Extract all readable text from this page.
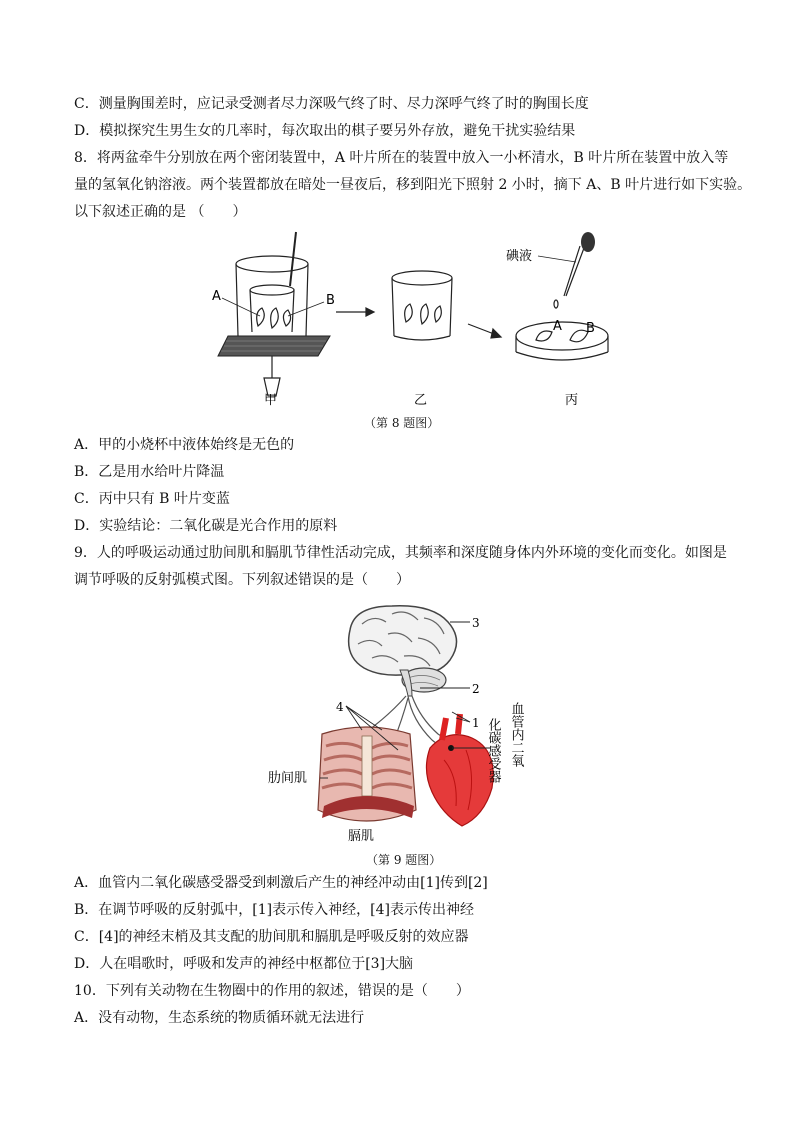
C．测量胸围差时，应记录受测者尽力深吸气终了时、尽力深呼气终了时的胸围长度
D．模拟探究生男生女的几率时，每次取出的棋子要另外存放，避免干扰实验结果
8．将两盆牵牛分别放在两个密闭装置中，A 叶片所在的装置中放入一小杯清水，B 叶片所在装置中放入等
量的氢氧化钠溶液。两个装置都放在暗处一昼夜后，移到阳光下照射 2 小时，摘下 A、B 叶片进行如下实验。
以下叙述正确的是 （　　）
A	B
碘液
A B
甲	乙	丙
（第 8 题图）
A．甲的小烧杯中液体始终是无色的
B．乙是用水给叶片降温
C．丙中只有 B 叶片变蓝
D．实验结论：二氧化碳是光合作用的原料
9．人的呼吸运动通过肋间肌和膈肌节律性活动完成，其频率和深度随身体内外环境的变化而变化。如图是
调节呼吸的反射弧模式图。下列叙述错误的是（　　）
3
2
1
4
化碳感受器 血管内二氧
肋间肌
膈肌
（第 9 题图）
A．血管内二氧化碳感受器受到刺激后产生的神经冲动由[1]传到[2]
B．在调节呼吸的反射弧中，[1]表示传入神经，[4]表示传出神经
C．[4]的神经末梢及其支配的肋间肌和膈肌是呼吸反射的效应器
D．人在唱歌时，呼吸和发声的神经中枢都位于[3]大脑
10．下列有关动物在生物圈中的作用的叙述，错误的是（　　）
A．没有动物，生态系统的物质循环就无法进行
